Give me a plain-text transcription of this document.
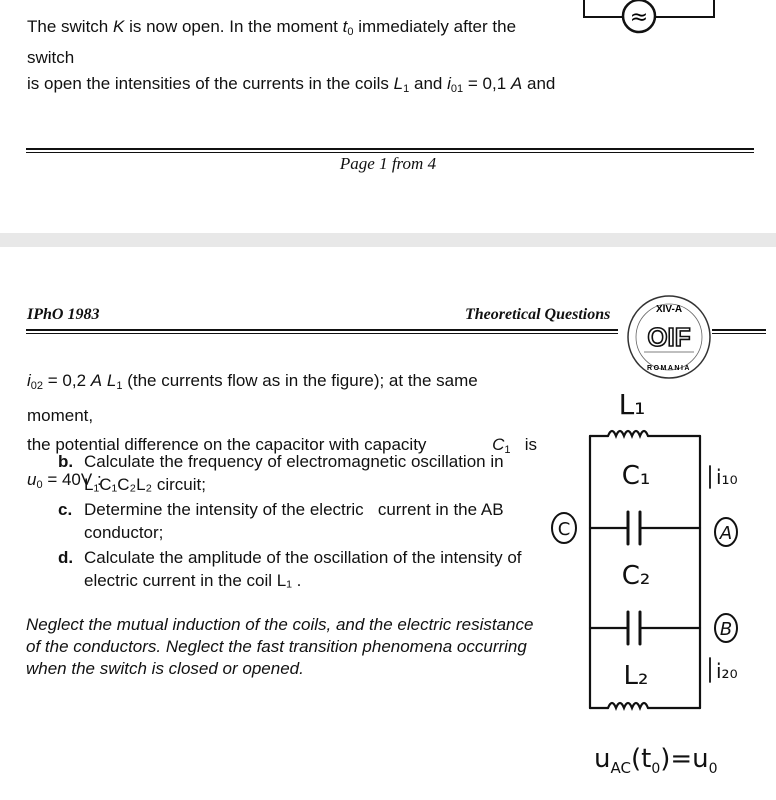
The switch K is now open. In the moment $t_0$ immediately after the switch
is open the intensities of the currents in the coils $L_1$ and $i_{01} = 0,1$ A and
≈
Page 1 from 4
IPhO 1983	Theoretical Questions	XIV-A
OIF
ROMANIA
$i_{02} = 0,2$ A $L_1$ (the currents flow as in the figure); at the same moment,
the potential difference on the capacitor with capacity	$C_1$ is
$u_0 = 40V$ :
b. Calculate the frequency of electromagnetic oscillation in
L₁C₁C₂L₂ circuit;
c. Determine the intensity of the electric   current in the AB
conductor;
d. Calculate the amplitude of the oscillation of the intensity of
electric current in the coil L₁ .
Neglect the mutual induction of the coils, and the electric resistance of the conductors. Neglect the fast transition phenomena occurring when the switch is closed or opened.
C	A
B
L₁
C₁
C₂
L₂
i₁₀
i₂₀
$u_{AC}(t_0)=u_0$
